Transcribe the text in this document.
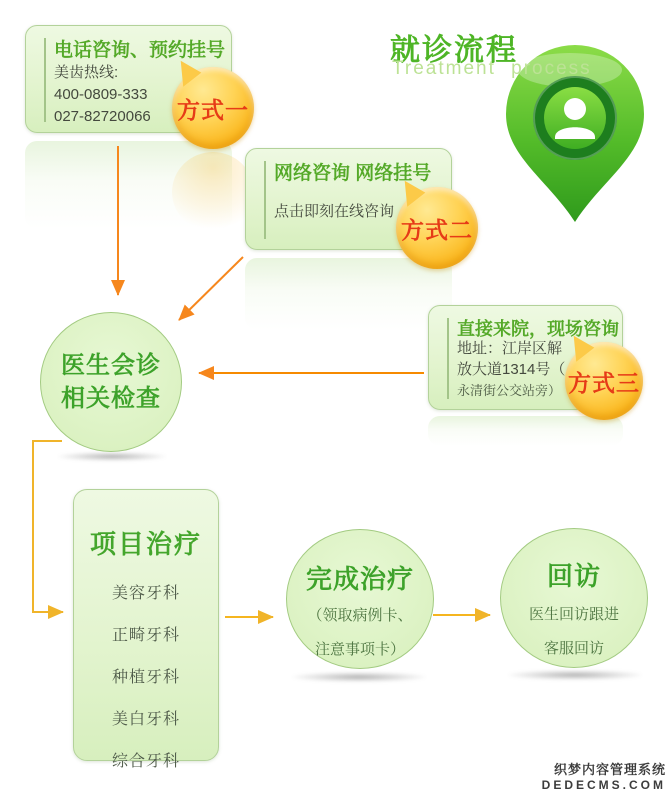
就诊流程
Treatment process
电话咨询、预约挂号
美齿热线:
400-0809-333
027-82720066 方式一
网络咨询 网络挂号
点击即刻在线咨询
方式二
直接来院，现场咨询
地址：江岸区解
放大道1314号（
永清街公交站旁） 方式三
医生会诊
相关检查
项目治疗
美容牙科
正畸牙科
种植牙科
美白牙科
综合牙科
完成治疗
（领取病例卡、
注意事项卡）
回访
医生回访跟进
客服回访
织梦内容管理系统
DEDECMS.COM
